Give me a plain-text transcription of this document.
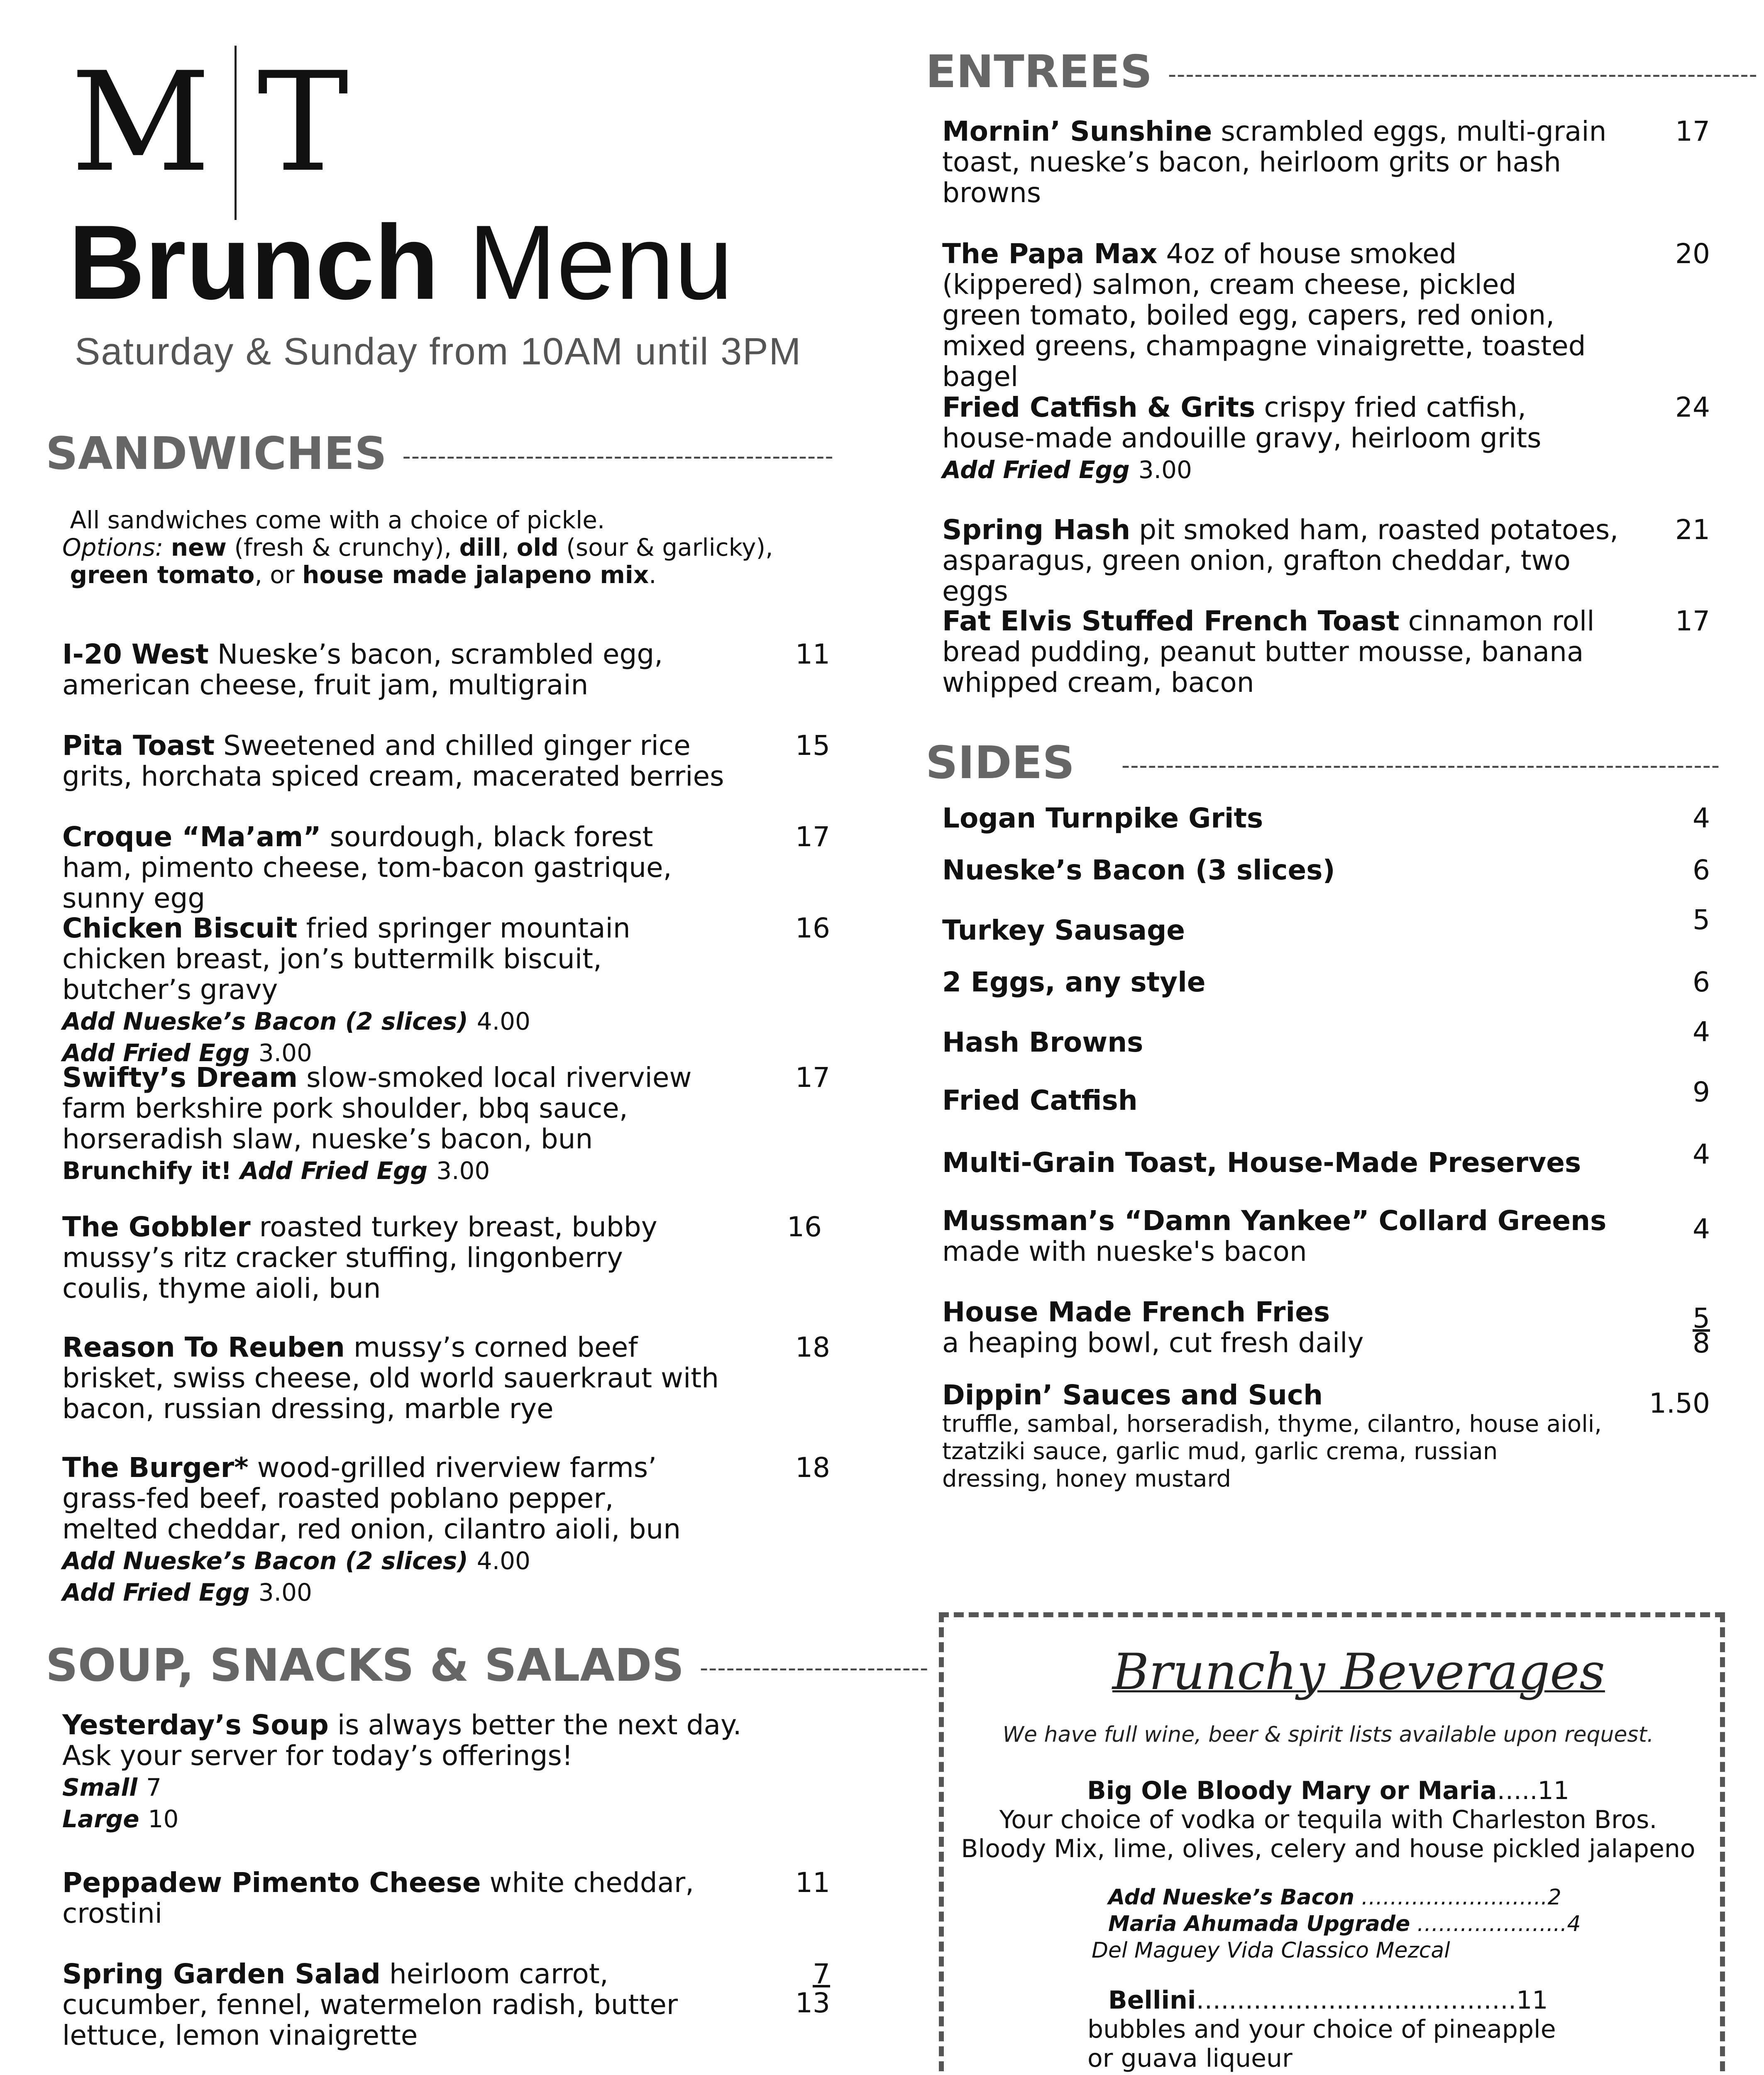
M T
Brunch Menu
Saturday & Sunday from 10AM until 3PM
SANDWICHES -------------------------------------------------
All sandwiches come with a choice of pickle.
Options: new (fresh & crunchy), dill, old (sour & garlicky),
green tomato, or house made jalapeno mix.
I-20 West Nueske’s bacon, scrambled egg, american cheese, fruit jam, multigrain
11
Pita Toast Sweetened and chilled ginger rice grits, horchata spiced cream, macerated berries
15
Croque “Ma’am” sourdough, black forest ham, pimento cheese, tom-bacon gastrique, sunny egg
17
Chicken Biscuit fried springer mountain chicken breast, jon’s buttermilk biscuit, butcher’s gravy
Add Nueske’s Bacon (2 slices) 4.00
Add Fried Egg 3.00
16
Swifty’s Dream slow-smoked local riverview farm berkshire pork shoulder, bbq sauce, horseradish slaw, nueske’s bacon, bun
Brunchify it! Add Fried Egg 3.00
17
The Gobbler roasted turkey breast, bubby mussy’s ritz cracker stuffing, lingonberry coulis, thyme aioli, bun
16
Reason To Reuben mussy’s corned beef brisket, swiss cheese, old world sauerkraut with bacon, russian dressing, marble rye
18
The Burger* wood-grilled riverview farms’ grass-fed beef, roasted poblano pepper, melted cheddar, red onion, cilantro aioli, bun
Add Nueske’s Bacon (2 slices) 4.00
Add Fried Egg 3.00
18
SOUP, SNACKS & SALADS --------------------------
Yesterday’s Soup is always better the next day.
Ask your server for today’s offerings!
Small 7
Large 10
Peppadew Pimento Cheese white cheddar, crostini
11
Spring Garden Salad heirloom carrot, cucumber, fennel, watermelon radish, butter lettuce, lemon vinaigrette
7
13

ENTREES -------------------------------------------------------------------
Mornin’ Sunshine scrambled eggs, multi-grain toast, nueske’s bacon, heirloom grits or hash browns
17
The Papa Max 4oz of house smoked (kippered) salmon, cream cheese, pickled green tomato, boiled egg, capers, red onion, mixed greens, champagne vinaigrette, toasted bagel
20
Fried Catfish & Grits crispy fried catfish, house-made andouille gravy, heirloom grits
Add Fried Egg 3.00
24
Spring Hash pit smoked ham, roasted potatoes, asparagus, green onion, grafton cheddar, two eggs
21
Fat Elvis Stuffed French Toast cinnamon roll bread pudding, peanut butter mousse, banana whipped cream, bacon
17
SIDES --------------------------------------------------------------------
Logan Turnpike Grits	4
Nueske’s Bacon (3 slices)	6
Turkey Sausage	5
2 Eggs, any style	6
Hash Browns	4
Fried Catfish	9
Multi-Grain Toast, House-Made Preserves	4
Mussman’s “Damn Yankee” Collard Greens
made with nueske's bacon
4
House Made French Fries
a heaping bowl, cut fresh daily
5
8
Dippin’ Sauces and Such
truffle, sambal, horseradish, thyme, cilantro, house aioli, tzatziki sauce, garlic mud, garlic crema, russian dressing, honey mustard
1.50
Brunchy Beverages
We have full wine, beer & spirit lists available upon request.
Big Ole Bloody Mary or Maria…..11
Your choice of vodka or tequila with Charleston Bros.
Bloody Mix, lime, olives, celery and house pickled jalapeno
Add Nueske’s Bacon ……………………..2
Maria Ahumada Upgrade ………………...4
Del Maguey Vida Classico Mezcal
Bellini…..…………..……....……….11
bubbles and your choice of pineapple or guava liqueur
